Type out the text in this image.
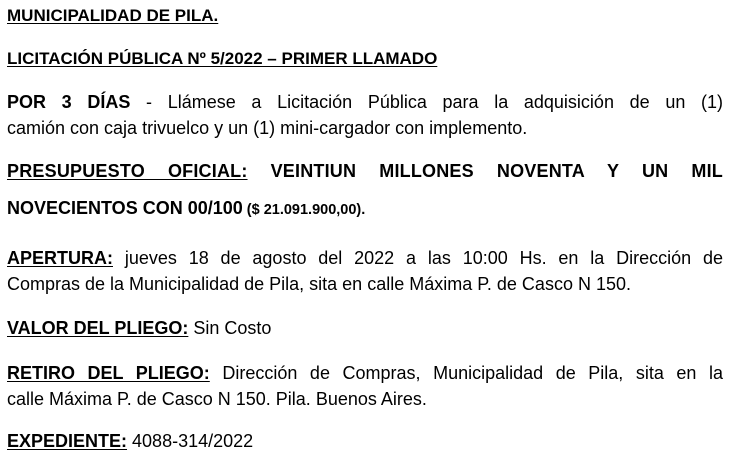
MUNICIPALIDAD DE PILA.
LICITACIÓN PÚBLICA Nº 5/2022 – PRIMER LLAMADO
POR 3 DÍAS - Llámese a Licitación Pública para la adquisición de un (1)
camión con caja trivuelco y un (1) mini-cargador con implemento.
PRESUPUESTO OFICIAL: VEINTIUN MILLONES NOVENTA Y UN MIL
NOVECIENTOS CON 00/100 ($ 21.091.900,00).
APERTURA: jueves 18 de agosto del 2022 a las 10:00 Hs. en la Dirección de
Compras de la Municipalidad de Pila, sita en calle Máxima P. de Casco N 150.
VALOR DEL PLIEGO: Sin Costo
RETIRO DEL PLIEGO: Dirección de Compras, Municipalidad de Pila, sita en la
calle Máxima P. de Casco N 150. Pila. Buenos Aires.
EXPEDIENTE: 4088-314/2022
